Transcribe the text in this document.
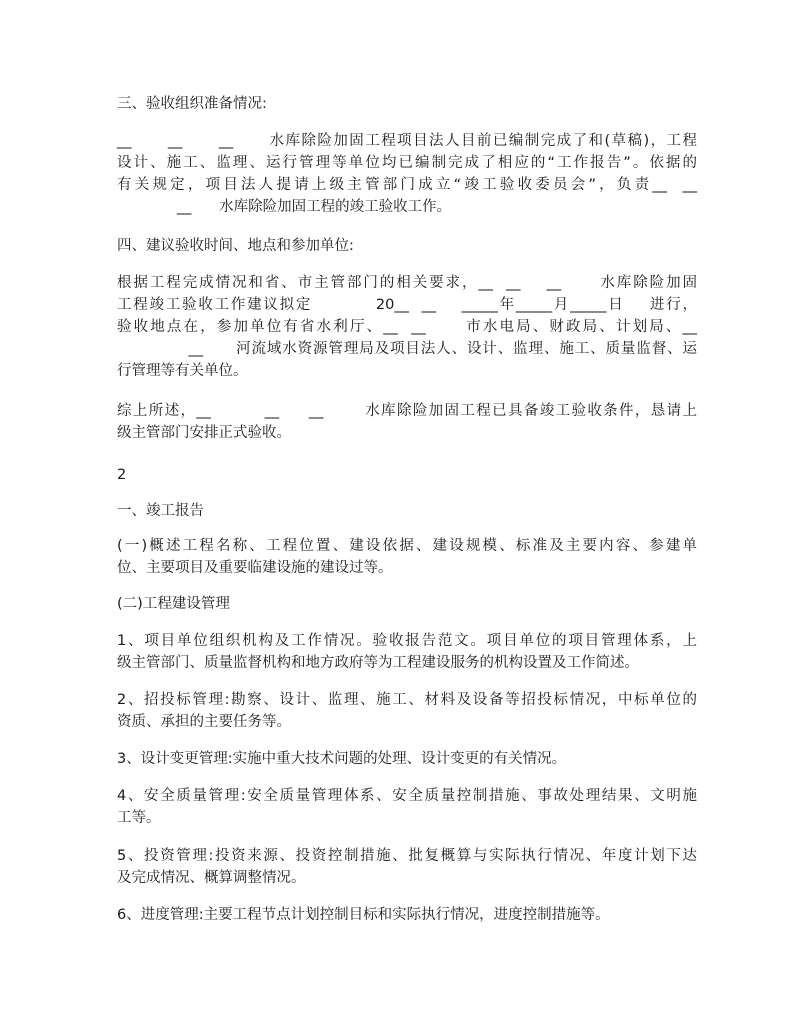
三、验收组织准备情况:
__      __      __      水库除险加固工程项目法人目前已编制完成了和(草稿)，工程
设计、施工、监理、运行管理等单位均已编制完成了相应的“工作报告”。依据的
有关规定，项目法人提请上级主管部门成立“竣工验收委员会”，负责__  __
__      水库除险加固工程的竣工验收工作。
四、建议验收时间、地点和参加单位:
根据工程完成情况和省、市主管部门的相关要求，__  __    __      水库除险加固
工程竣工验收工作建议拟定          20__  __    _____年_____月_____日    进行，
验收地点在，参加单位有省水利厅、__  __      市水电局、财政局、计划局、__
__      河流域水资源管理局及项目法人、设计、监理、施工、质量监督、运
行管理等有关单位。
综上所述，__         __     __       水库除险加固工程已具备竣工验收条件，恳请上
级主管部门安排正式验收。
2
一、竣工报告
(一)概述工程名称、工程位置、建设依据、建设规模、标准及主要内容、参建单
位、主要项目及重要临建设施的建设过等。
(二)工程建设管理
1、项目单位组织机构及工作情况。验收报告范文。项目单位的项目管理体系，上
级主管部门、质量监督机构和地方政府等为工程建设服务的机构设置及工作简述。
2、招投标管理:勘察、设计、监理、施工、材料及设备等招投标情况，中标单位的
资质、承担的主要任务等。
3、设计变更管理:实施中重大技术问题的处理、设计变更的有关情况。
4、安全质量管理:安全质量管理体系、安全质量控制措施、事故处理结果、文明施
工等。
5、投资管理:投资来源、投资控制措施、批复概算与实际执行情况、年度计划下达
及完成情况、概算调整情况。
6、进度管理:主要工程节点计划控制目标和实际执行情况，进度控制措施等。
